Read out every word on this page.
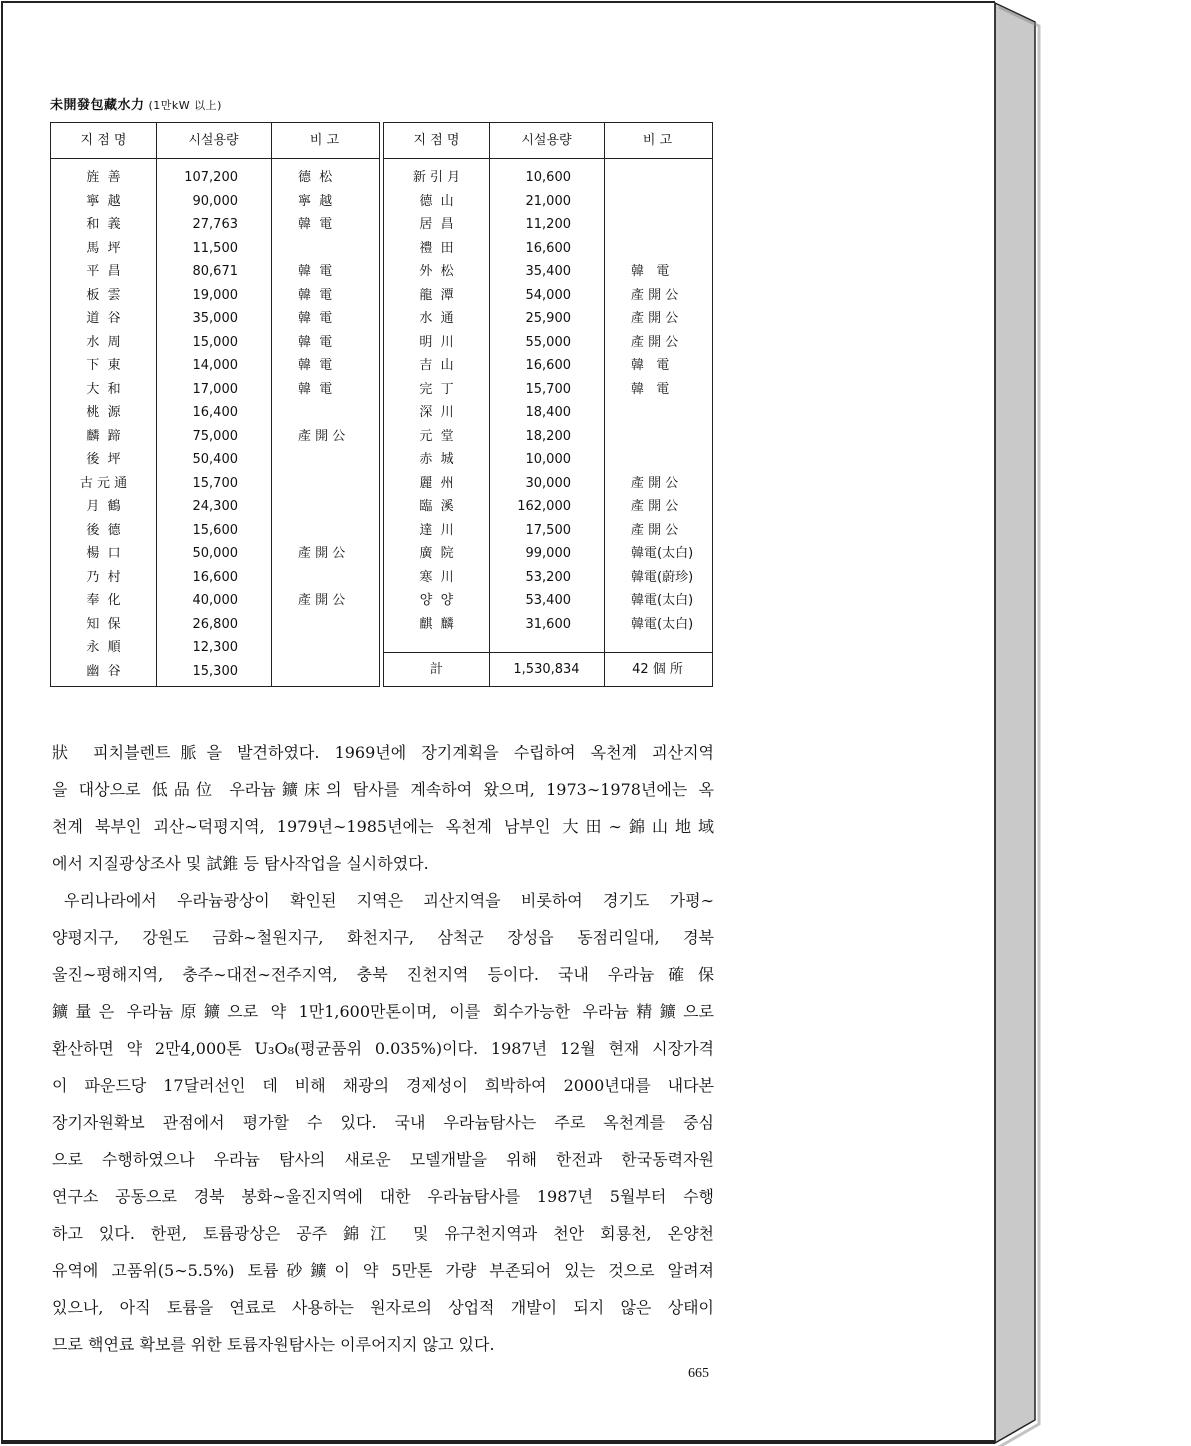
未開發包藏水力 (1만kW 以上)
지 점 명	시설용량	비 고
旌  善	107,200	德  松
寧  越	90,000	寧  越
和  義	27,763	韓  電
馬  坪	11,500
平  昌	80,671	韓  電
板  雲	19,000	韓  電
道  谷	35,000	韓  電
水  周	15,000	韓  電
下  東	14,000	韓  電
大  和	17,000	韓  電
桃  源	16,400
麟  蹄	75,000	產 開 公
後  坪	50,400
古 元 通	15,700
月  鶴	24,300
後  德	15,600
楊  口	50,000	產 開 公
乃  村	16,600
奉  化	40,000	產 開 公
知  保	26,800
永  順	12,300
幽  谷	15,300
지 점 명	시설용량	비 고
新 引 月	10,600
德  山	21,000
居  昌	11,200
禮  田	16,600
外  松	35,400	韓   電
龍  潭	54,000	產 開 公
水  通	25,900	產 開 公
明  川	55,000	產 開 公
吉  山	16,600	韓   電
完  丁	15,700	韓   電
深  川	18,400
元  堂	18,200
赤  城	10,000
麗  州	30,000	產 開 公
臨  溪	162,000	產 開 公
達  川	17,500	產 開 公
廣  院	99,000	韓電(太白)
寒  川	53,200	韓電(蔚珍)
양  양	53,400	韓電(太白)
麒  麟	31,600	韓電(太白)
計	1,530,834	42 個 所
狀 피치블렌트脈을 발견하였다. 1969년에 장기계획을 수립하여 옥천계 괴산지역
을 대상으로 低品位 우라늄鑛床의 탐사를 계속하여 왔으며, 1973∼1978년에는 옥
천계 북부인 괴산∼덕평지역, 1979년∼1985년에는 옥천계 남부인 大田∼錦山地域
에서 지질광상조사 및 試錐 등 탐사작업을 실시하였다.
우리나라에서 우라늄광상이 확인된 지역은 괴산지역을 비롯하여 경기도 가평∼
양평지구, 강원도 금화∼철원지구, 화천지구, 삼척군 장성읍 동점리일대, 경북
울진∼평해지역, 충주∼대전∼전주지역, 충북 진천지역 등이다. 국내 우라늄確保
鑛量은 우라늄原鑛으로 약 1만1,600만톤이며, 이를 회수가능한 우라늄精鑛으로
환산하면 약 2만4,000톤 U₃O₈(평균품위 0.035%)이다. 1987년 12월 현재 시장가격
이 파운드당 17달러선인 데 비해 채광의 경제성이 희박하여 2000년대를 내다본
장기자원확보 관점에서 평가할 수 있다. 국내 우라늄탐사는 주로 옥천계를 중심
으로 수행하였으나 우라늄 탐사의 새로운 모델개발을 위해 한전과 한국동력자원
연구소 공동으로 경북 봉화∼울진지역에 대한 우라늄탐사를 1987년 5월부터 수행
하고 있다. 한편, 토륨광상은 공주 錦江 및 유구천지역과 천안 회룡천, 온양천
유역에 고품위(5∼5.5%) 토륨砂鑛이 약 5만톤 가량 부존되어 있는 것으로 알려져
있으나, 아직 토륨을 연료로 사용하는 원자로의 상업적 개발이 되지 않은 상태이
므로 핵연료 확보를 위한 토륨자원탐사는 이루어지지 않고 있다.
665
